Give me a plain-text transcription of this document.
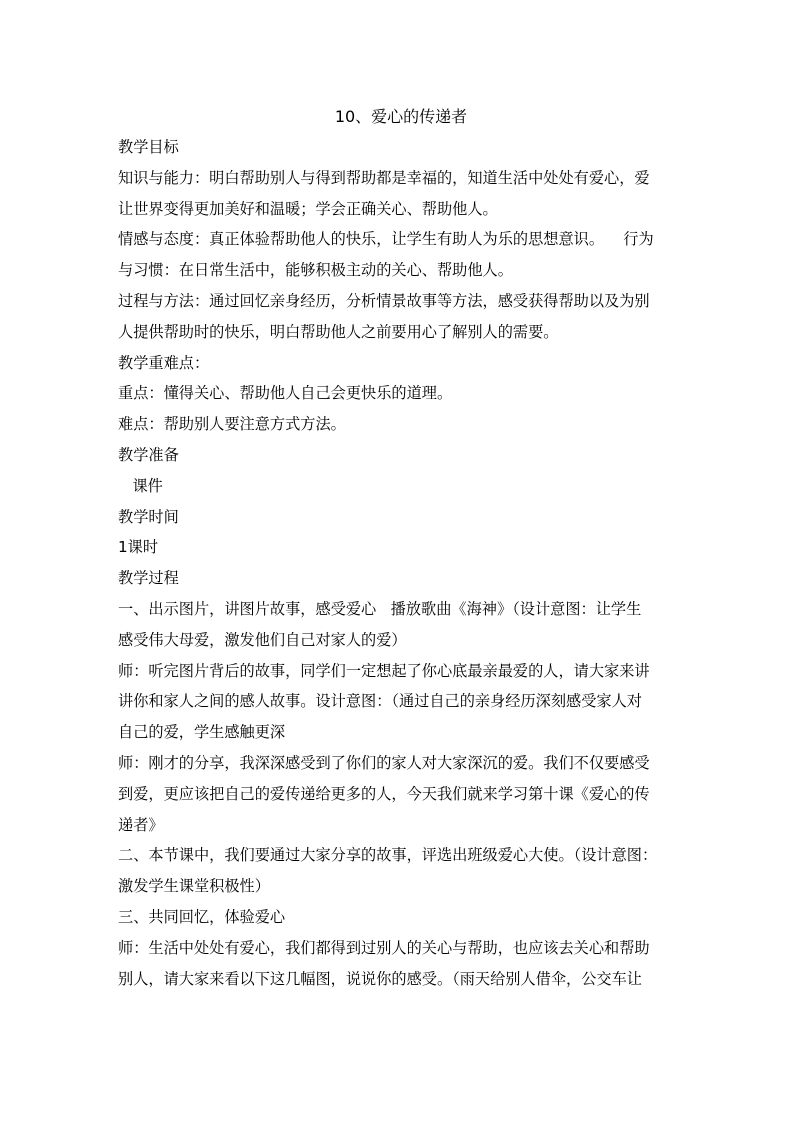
10、爱心的传递者
教学目标
知识与能力：明白帮助别人与得到帮助都是幸福的，知道生活中处处有爱心，爱
让世界变得更加美好和温暖；学会正确关心、帮助他人。
情感与态度：真正体验帮助他人的快乐，让学生有助人为乐的思想意识。    行为
与习惯：在日常生活中，能够积极主动的关心、帮助他人。
过程与方法：通过回忆亲身经历，分析情景故事等方法，感受获得帮助以及为别
人提供帮助时的快乐，明白帮助他人之前要用心了解别人的需要。
教学重难点：
重点：懂得关心、帮助他人自己会更快乐的道理。
难点：帮助别人要注意方式方法。
教学准备
课件
教学时间
1课时
教学过程
一、出示图片，讲图片故事，感受爱心   播放歌曲《海神》（设计意图：让学生
感受伟大母爱，激发他们自己对家人的爱）
师：听完图片背后的故事，同学们一定想起了你心底最亲最爱的人，请大家来讲
讲你和家人之间的感人故事。设计意图：（通过自己的亲身经历深刻感受家人对
自己的爱，学生感触更深
师：刚才的分享，我深深感受到了你们的家人对大家深沉的爱。我们不仅要感受
到爱，更应该把自己的爱传递给更多的人，今天我们就来学习第十课《爱心的传
递者》
二、本节课中，我们要通过大家分享的故事，评选出班级爱心大使。（设计意图：
激发学生课堂积极性）
三、共同回忆，体验爱心
师：生活中处处有爱心，我们都得到过别人的关心与帮助，也应该去关心和帮助
别人，请大家来看以下这几幅图，说说你的感受。（雨天给别人借伞，公交车让
